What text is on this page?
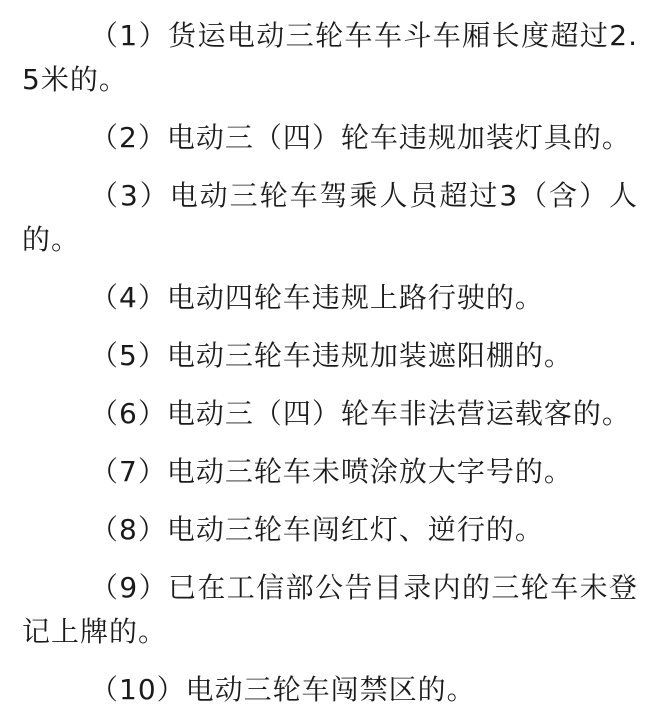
（1）货运电动三轮车车斗车厢长度超过2.5米的。

（2）电动三（四）轮车违规加装灯具的。

（3）电动三轮车驾乘人员超过3（含）人的。

（4）电动四轮车违规上路行驶的。

（5）电动三轮车违规加装遮阳棚的。

（6）电动三（四）轮车非法营运载客的。

（7）电动三轮车未喷涂放大字号的。

（8）电动三轮车闯红灯、逆行的。

（9）已在工信部公告目录内的三轮车未登记上牌的。

（10）电动三轮车闯禁区的。
